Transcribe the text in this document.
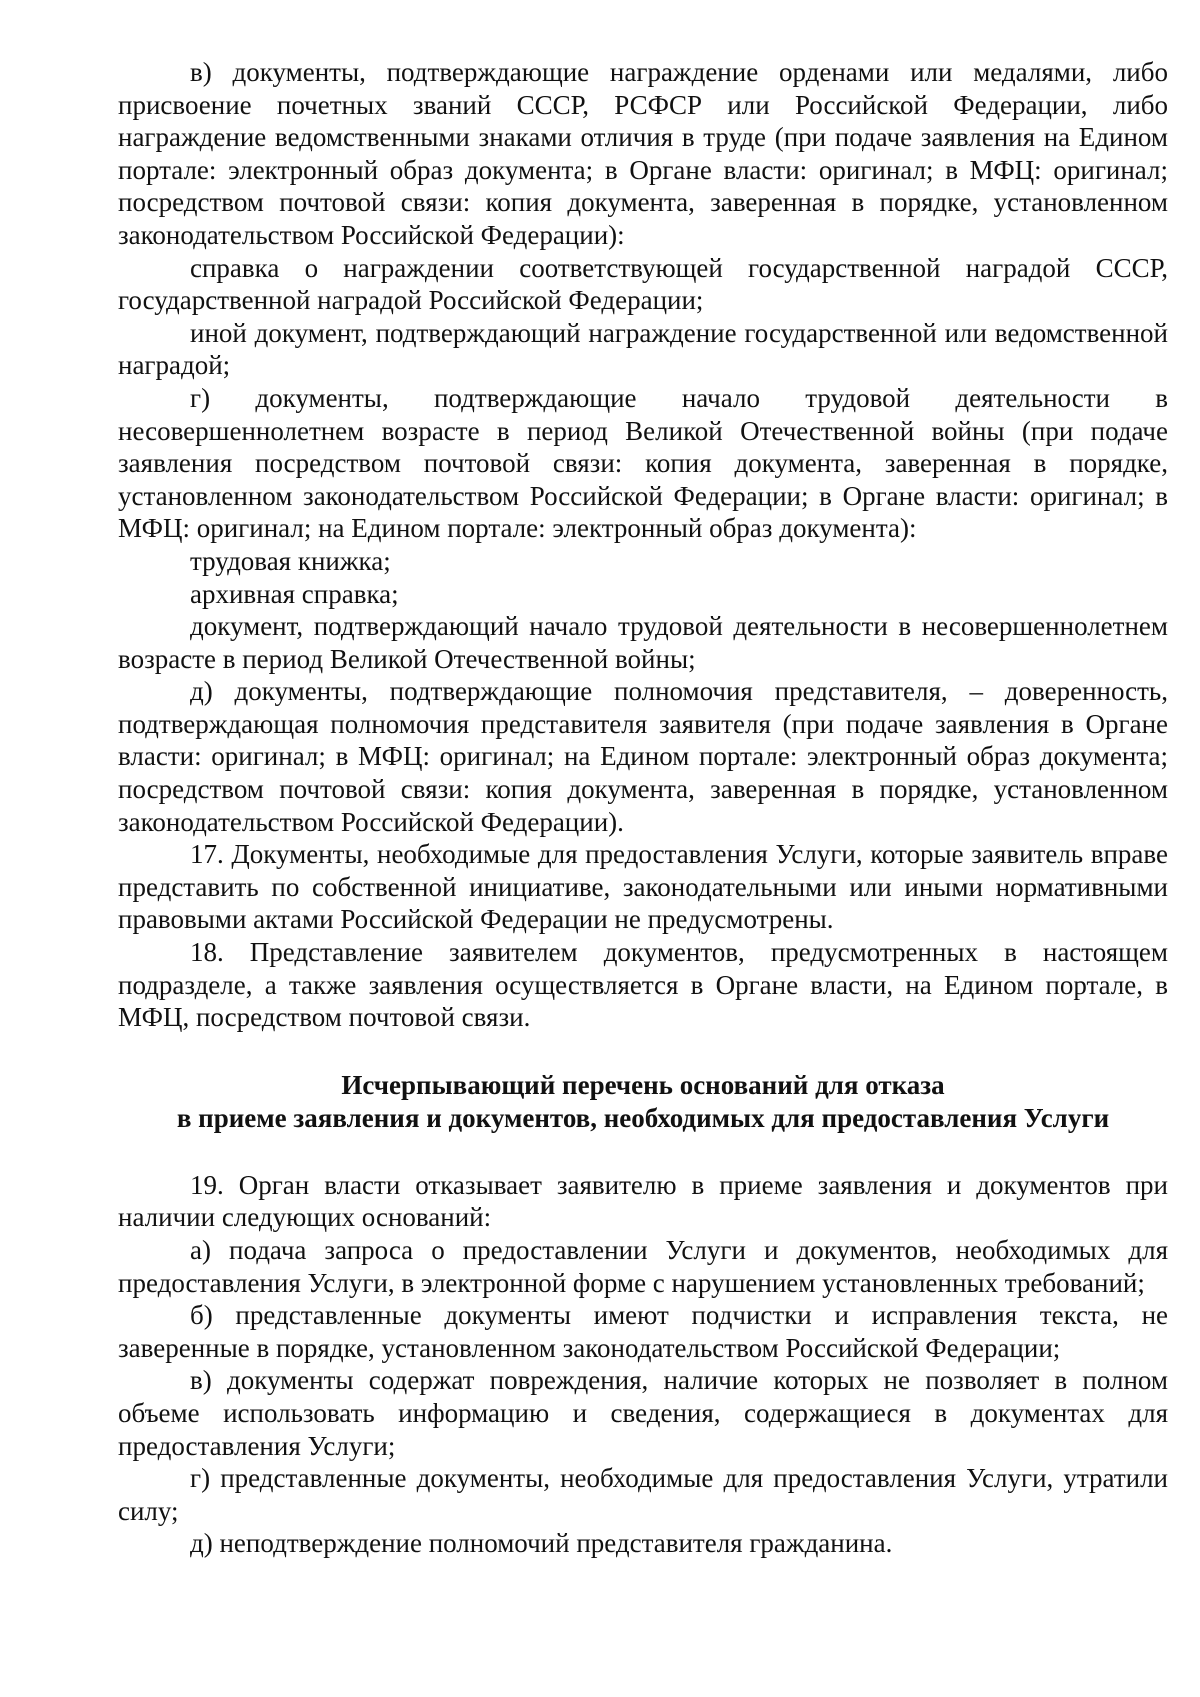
в) документы, подтверждающие награждение орденами или медалями, либо присвоение почетных званий СССР, РСФСР или Российской Федерации, либо награждение ведомственными знаками отличия в труде (при подаче заявления на Едином портале: электронный образ документа; в Органе власти: оригинал; в МФЦ: оригинал; посредством почтовой связи: копия документа, заверенная в порядке, установленном законодательством Российской Федерации):

справка о награждении соответствующей государственной наградой СССР, государственной наградой Российской Федерации;

иной документ, подтверждающий награждение государственной или ведомственной наградой;

г) документы, подтверждающие начало трудовой деятельности в несовершеннолетнем возрасте в период Великой Отечественной войны (при подаче заявления посредством почтовой связи: копия документа, заверенная в порядке, установленном законодательством Российской Федерации; в Органе власти: оригинал; в МФЦ: оригинал; на Едином портале: электронный образ документа):

трудовая книжка;

архивная справка;

документ, подтверждающий начало трудовой деятельности в несовершеннолетнем возрасте в период Великой Отечественной войны;

д) документы, подтверждающие полномочия представителя, – доверенность, подтверждающая полномочия представителя заявителя (при подаче заявления в Органе власти: оригинал; в МФЦ: оригинал; на Едином портале: электронный образ документа; посредством почтовой связи: копия документа, заверенная в порядке, установленном законодательством Российской Федерации).

17. Документы, необходимые для предоставления Услуги, которые заявитель вправе представить по собственной инициативе, законодательными или иными нормативными правовыми актами Российской Федерации не предусмотрены.

18. Представление заявителем документов, предусмотренных в настоящем подразделе, а также заявления осуществляется в Органе власти, на Едином портале, в МФЦ, посредством почтовой связи.

Исчерпывающий перечень оснований для отказа

в приеме заявления и документов, необходимых для предоставления Услуги

19. Орган власти отказывает заявителю в приеме заявления и документов при наличии следующих оснований:

а) подача запроса о предоставлении Услуги и документов, необходимых для предоставления Услуги, в электронной форме с нарушением установленных требований;

б) представленные документы имеют подчистки и исправления текста, не заверенные в порядке, установленном законодательством Российской Федерации;

в) документы содержат повреждения, наличие которых не позволяет в полном объеме использовать информацию и сведения, содержащиеся в документах для предоставления Услуги;

г) представленные документы, необходимые для предоставления Услуги, утратили силу;

д) неподтверждение полномочий представителя гражданина.
